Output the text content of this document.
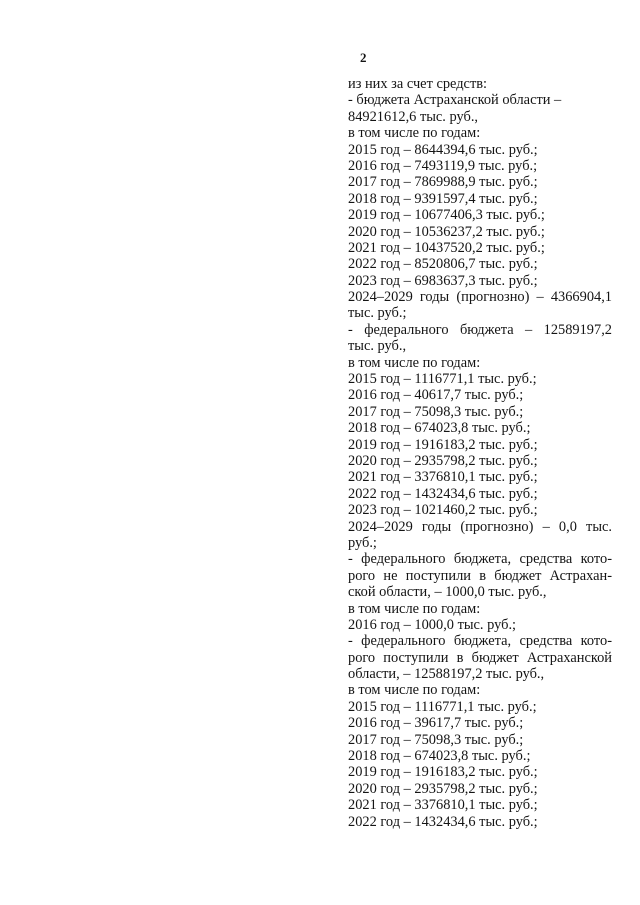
2
из них за счет средств:
- бюджета Астраханской области –
84921612,6 тыс. руб.,
в том числе по годам:
2015 год – 8644394,6 тыс. руб.;
2016 год – 7493119,9 тыс. руб.;
2017 год – 7869988,9 тыс. руб.;
2018 год – 9391597,4 тыс. руб.;
2019 год – 10677406,3 тыс. руб.;
2020 год – 10536237,2 тыс. руб.;
2021 год – 10437520,2 тыс. руб.;
2022 год – 8520806,7 тыс. руб.;
2023 год – 6983637,3 тыс. руб.;
2024–2029 годы (прогнозно) – 4366904,1
тыс. руб.;
- федерального бюджета – 12589197,2
тыс. руб.,
в том числе по годам:
2015 год – 1116771,1 тыс. руб.;
2016 год – 40617,7 тыс. руб.;
2017 год – 75098,3 тыс. руб.;
2018 год – 674023,8 тыс. руб.;
2019 год – 1916183,2 тыс. руб.;
2020 год – 2935798,2 тыс. руб.;
2021 год – 3376810,1 тыс. руб.;
2022 год – 1432434,6 тыс. руб.;
2023 год – 1021460,2 тыс. руб.;
2024–2029 годы (прогнозно) – 0,0 тыс.
руб.;
- федерального бюджета, средства кото-
рого не поступили в бюджет Астрахан-
ской области, – 1000,0 тыс. руб.,
в том числе по годам:
2016 год – 1000,0 тыс. руб.;
- федерального бюджета, средства кото-
рого поступили в бюджет Астраханской
области, – 12588197,2 тыс. руб.,
в том числе по годам:
2015 год – 1116771,1 тыс. руб.;
2016 год – 39617,7 тыс. руб.;
2017 год – 75098,3 тыс. руб.;
2018 год – 674023,8 тыс. руб.;
2019 год – 1916183,2 тыс. руб.;
2020 год – 2935798,2 тыс. руб.;
2021 год – 3376810,1 тыс. руб.;
2022 год – 1432434,6 тыс. руб.;
